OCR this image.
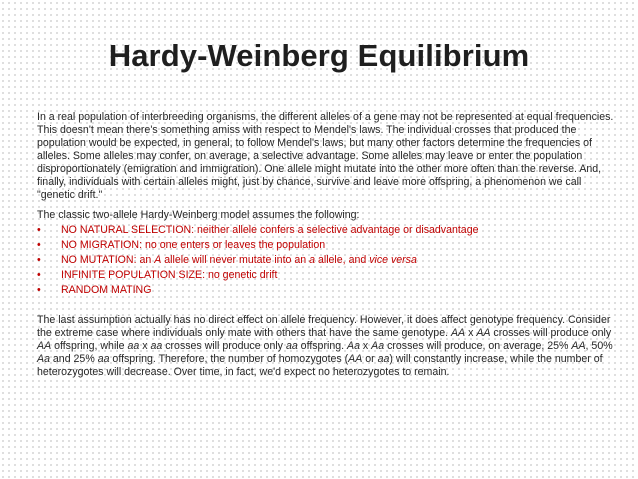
Hardy-Weinberg Equilibrium

In a real population of interbreeding organisms, the different alleles of a gene may not be represented at equal frequencies. This doesn't mean there's something amiss with respect to Mendel's laws. The individual crosses that produced the population would be expected, in general, to follow Mendel's laws, but many other factors determine the frequencies of alleles. Some alleles may confer, on average, a selective advantage. Some alleles may leave or enter the population disproportionately (emigration and immigration). One allele might mutate into the other more often than the reverse. And, finally, individuals with certain alleles might, just by chance, survive and leave more offspring, a phenomenon we call "genetic drift."

The classic two-allele Hardy-Weinberg model assumes the following:

• NO NATURAL SELECTION: neither allele confers a selective advantage or disadvantage
• NO MIGRATION: no one enters or leaves the population
• NO MUTATION: an A allele will never mutate into an a allele, and vice versa
• INFINITE POPULATION SIZE: no genetic drift
• RANDOM MATING

The last assumption actually has no direct effect on allele frequency. However, it does affect genotype frequency. Consider the extreme case where individuals only mate with others that have the same genotype. AA x AA crosses will produce only AA offspring, while aa x aa crosses will produce only aa offspring. Aa x Aa crosses will produce, on average, 25% AA, 50% Aa and 25% aa offspring. Therefore, the number of homozygotes (AA or aa) will constantly increase, while the number of heterozygotes will decrease. Over time, in fact, we'd expect no heterozygotes to remain.
